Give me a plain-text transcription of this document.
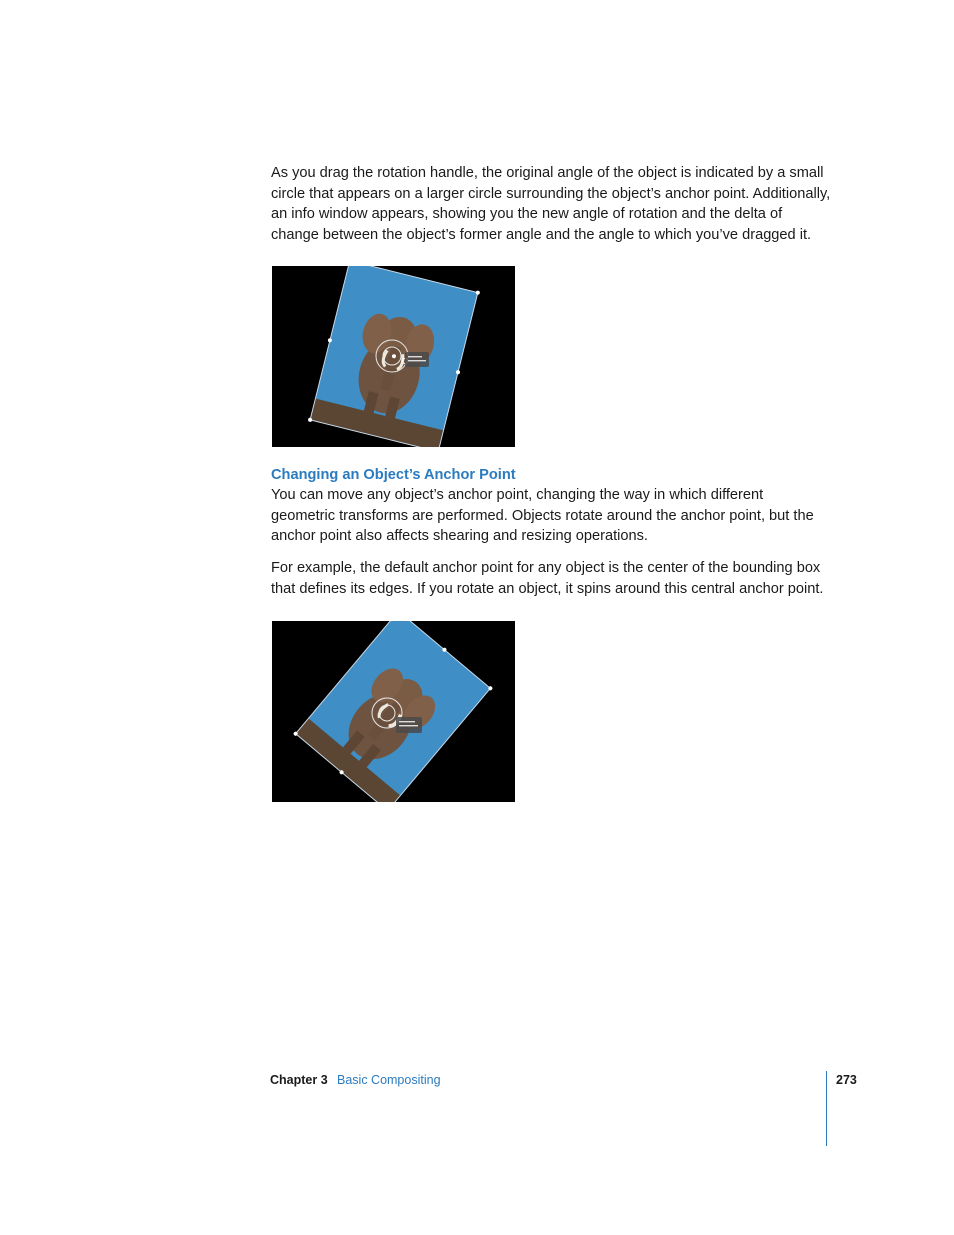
As you drag the rotation handle, the original angle of the object is indicated by a small circle that appears on a larger circle surrounding the object’s anchor point. Additionally, an info window appears, showing you the new angle of rotation and the delta of change between the object’s former angle and the angle to which you’ve dragged it.

Changing an Object’s Anchor Point

You can move any object’s anchor point, changing the way in which different geometric transforms are performed. Objects rotate around the anchor point, but the anchor point also affects shearing and resizing operations.

For example, the default anchor point for any object is the center of the bounding box that defines its edges. If you rotate an object, it spins around this central anchor point.

Chapter 3 Basic Compositing	273
